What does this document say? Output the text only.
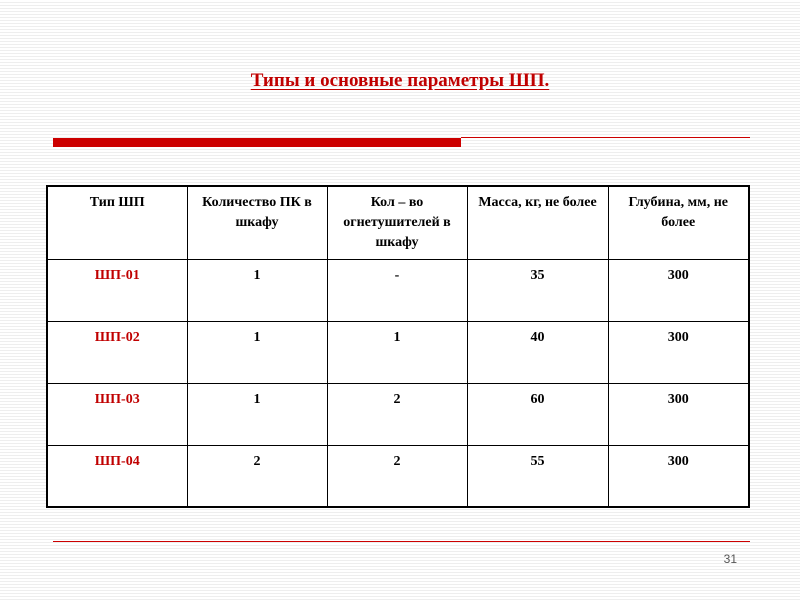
Типы и основные параметры ШП.
Тип ШП	Количество ПК в шкафу	Кол – во огнетушителей в шкафу	Масса, кг, не более	Глубина, мм, не более
ШП-01	1	-	35	300
ШП-02	1	1	40	300
ШП-03	1	2	60	300
ШП-04	2	2	55	300
31
